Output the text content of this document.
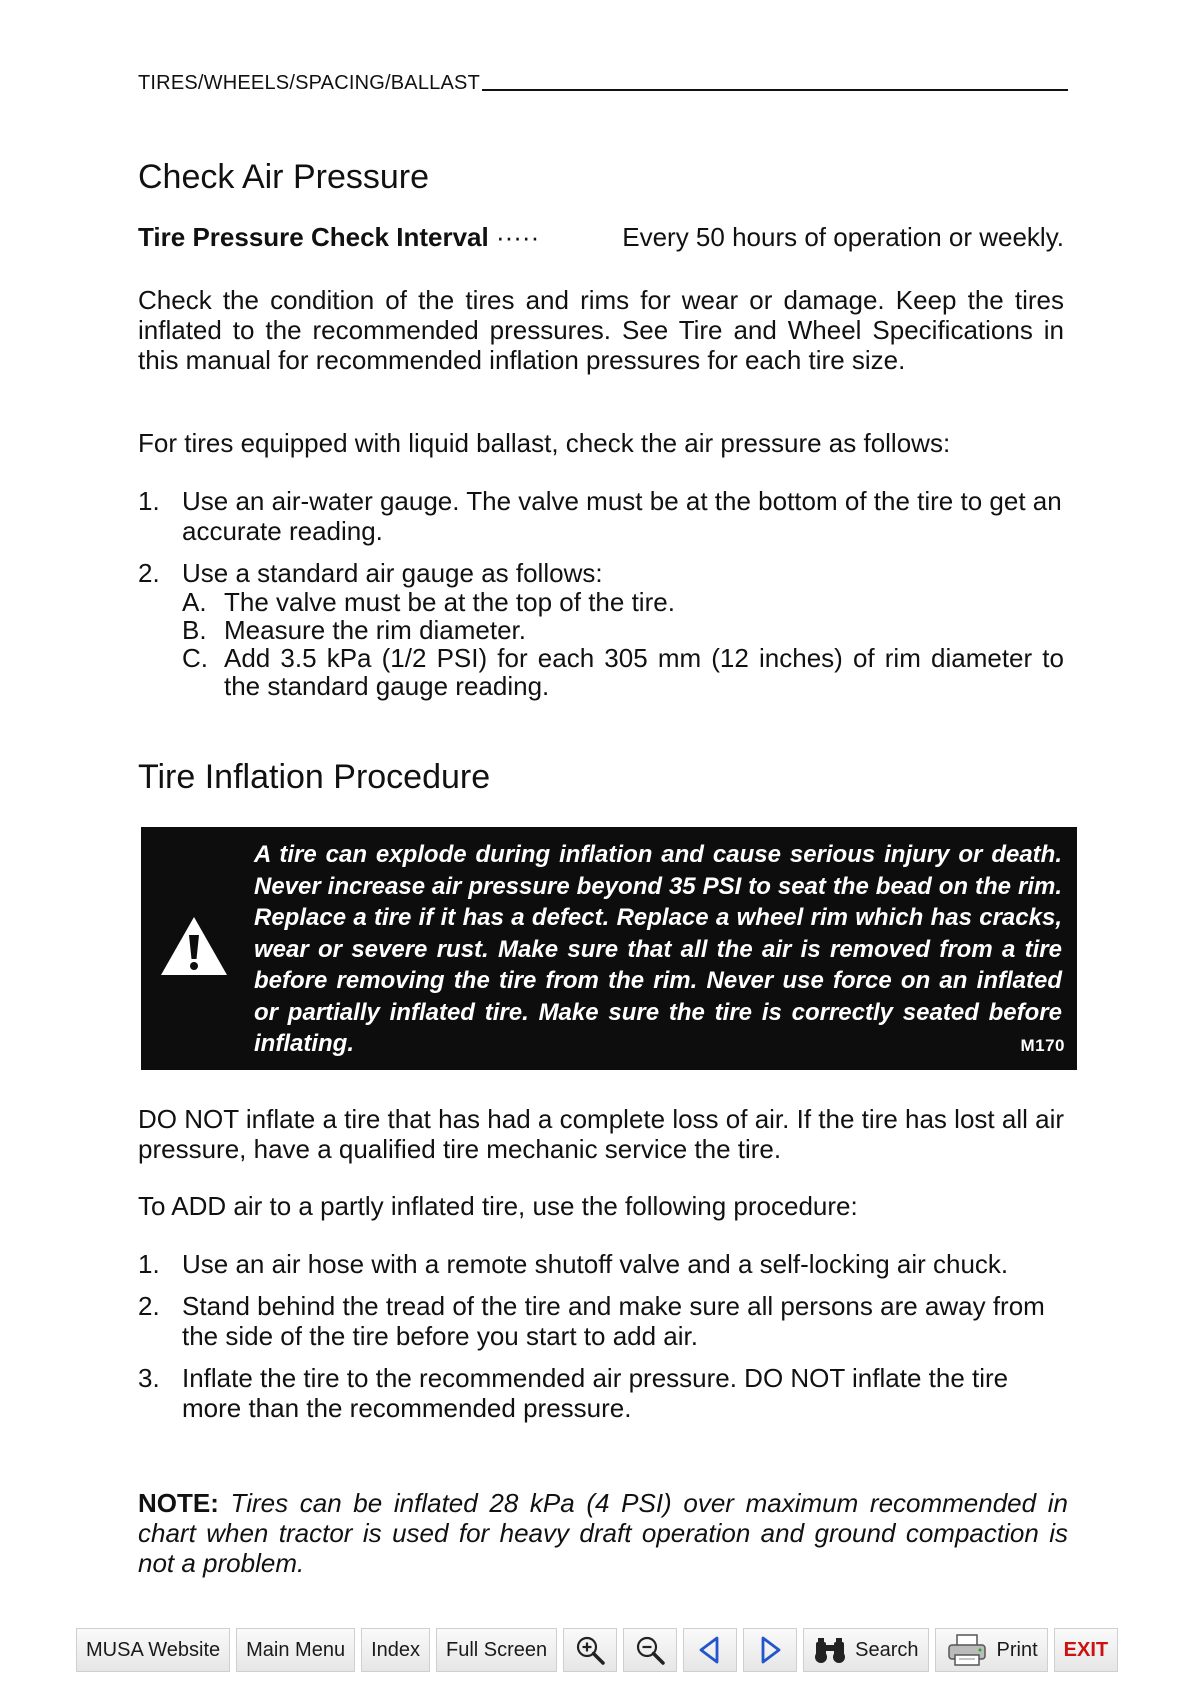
TIRES/WHEELS/SPACING/BALLAST
Check Air Pressure
Tire Pressure Check Interval ·····	Every 50 hours of operation or weekly.

Check the condition of the tires and rims for wear or damage. Keep the tires inflated to the recommended pressures. See Tire and Wheel Specifications in this manual for recommended inflation pressures for each tire size.

For tires equipped with liquid ballast, check the air pressure as follows:

1. Use an air-water gauge. The valve must be at the bottom of the tire to get an accurate reading.
2. Use a standard air gauge as follows:
A. The valve must be at the top of the tire.
B. Measure the rim diameter.
C. Add 3.5 kPa (1/2 PSI) for each 305 mm (12 inches) of rim diameter to the standard gauge reading.
Tire Inflation Procedure
A tire can explode during inflation and cause serious injury or death. Never increase air pressure beyond 35 PSI to seat the bead on the rim. Replace a tire if it has a defect. Replace a wheel rim which has cracks, wear or severe rust. Make sure that all the air is removed from a tire before removing the tire from the rim. Never use force on an inflated or partially inflated tire. Make sure the tire is correctly seated before inflating.	M170

DO NOT inflate a tire that has had a complete loss of air. If the tire has lost all air pressure, have a qualified tire mechanic service the tire.

To ADD air to a partly inflated tire, use the following procedure:

1. Use an air hose with a remote shutoff valve and a self-locking air chuck.
2. Stand behind the tread of the tire and make sure all persons are away from the side of the tire before you start to add air.
3. Inflate the tire to the recommended air pressure. DO NOT inflate the tire more than the recommended pressure.
NOTE: Tires can be inflated 28 kPa (4 PSI) over maximum recommended in chart when tractor is used for heavy draft operation and ground compaction is not a problem.
MUSA Website	Main Menu	Index	Full Screen	Search	Print	EXIT
